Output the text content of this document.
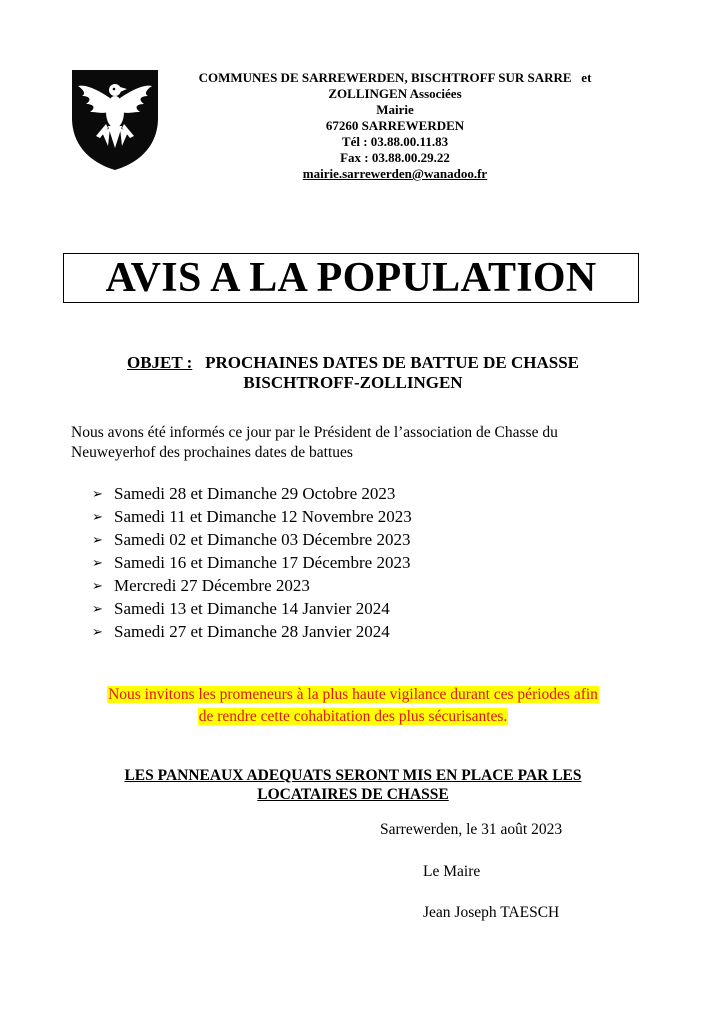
COMMUNES DE SARREWERDEN, BISCHTROFF SUR SARRE   et
ZOLLINGEN Associées
Mairie
67260 SARREWERDEN
Tél : 03.88.00.11.83
Fax : 03.88.00.29.22
mairie.sarrewerden@wanadoo.fr
AVIS A LA POPULATION
OBJET : PROCHAINES DATES DE BATTUE DE CHASSE
BISCHTROFF-ZOLLINGEN
Nous avons été informés ce jour par le Président de l’association de Chasse du Neuweyerhof des prochaines dates de battues
➢ Samedi 28 et Dimanche 29 Octobre 2023
➢ Samedi 11 et Dimanche 12 Novembre 2023
➢ Samedi 02 et Dimanche 03 Décembre 2023
➢ Samedi 16 et Dimanche 17 Décembre 2023
➢ Mercredi 27 Décembre 2023
➢ Samedi 13 et Dimanche 14 Janvier 2024
➢ Samedi 27 et Dimanche 28 Janvier 2024
Nous invitons les promeneurs à la plus haute vigilance durant ces périodes afin
de rendre cette cohabitation des plus sécurisantes.
LES PANNEAUX ADEQUATS SERONT MIS EN PLACE PAR LES
LOCATAIRES DE CHASSE
Sarrewerden, le 31 août 2023
Le Maire
Jean Joseph TAESCH
